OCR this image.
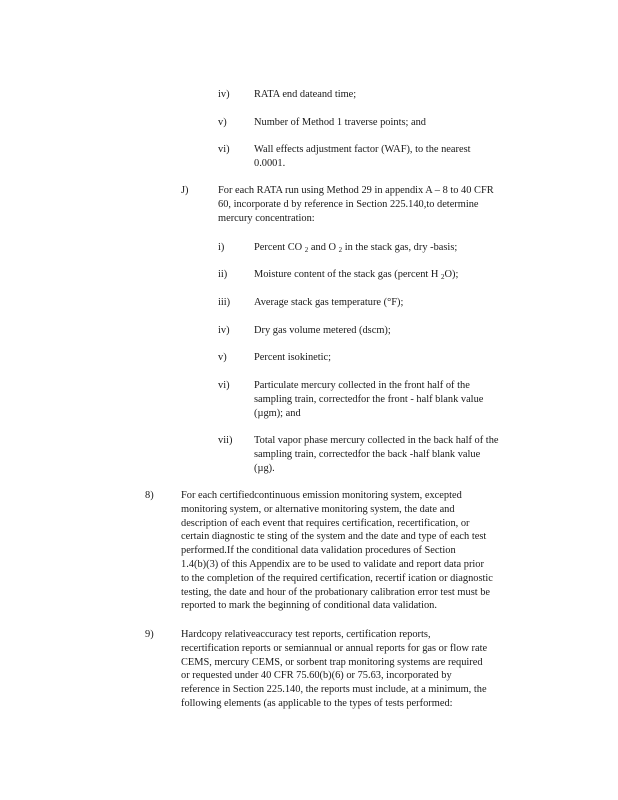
iv) RATA end dateand time;
v)	Number of Method 1 traverse points; and
vi) Wall effects adjustment factor (WAF), to the nearest
0.0001.
J)	For each RATA run using Method 29 in appendix A – 8 to 40 CFR
60, incorporate d by reference in Section 225.140,to determine
mercury concentration:
i)	Percent CO $_2$ and O $_2$ in the stack gas, dry -basis;
ii)	Moisture content of the stack gas (percent H $_2$O);
iii) Average stack gas temperature (°F);
iv) Dry gas volume metered (dscm);
v)	Percent isokinetic;
vi) Particulate mercury collected in the front half of the
sampling train, correctedfor the front - half blank value
(µgm); and
vii) Total vapor phase mercury collected in the back half of the
sampling train, correctedfor the back -half blank value
(µg).
8)	For each certifiedcontinuous emission monitoring system, excepted
monitoring system, or alternative monitoring system, the date and
description of each event that requires certification, recertification, or
certain diagnostic te sting of the system and the date and type of each test
performed.If the conditional data validation procedures of Section
1.4(b)(3) of this Appendix are to be used to validate and report data prior
to the completion of the required certification, recertif ication or diagnostic
testing, the date and hour of the probationary calibration error test must be
reported to mark the beginning of conditional data validation.
9)	Hardcopy relativeaccuracy test reports, certification reports,
recertification reports or semiannual or annual reports for gas or flow rate
CEMS, mercury CEMS, or sorbent trap monitoring systems are required
or requested under 40 CFR 75.60(b)(6) or 75.63, incorporated by
reference in Section 225.140, the reports must include, at a minimum, the
following elements (as applicable to the types of tests performed:
